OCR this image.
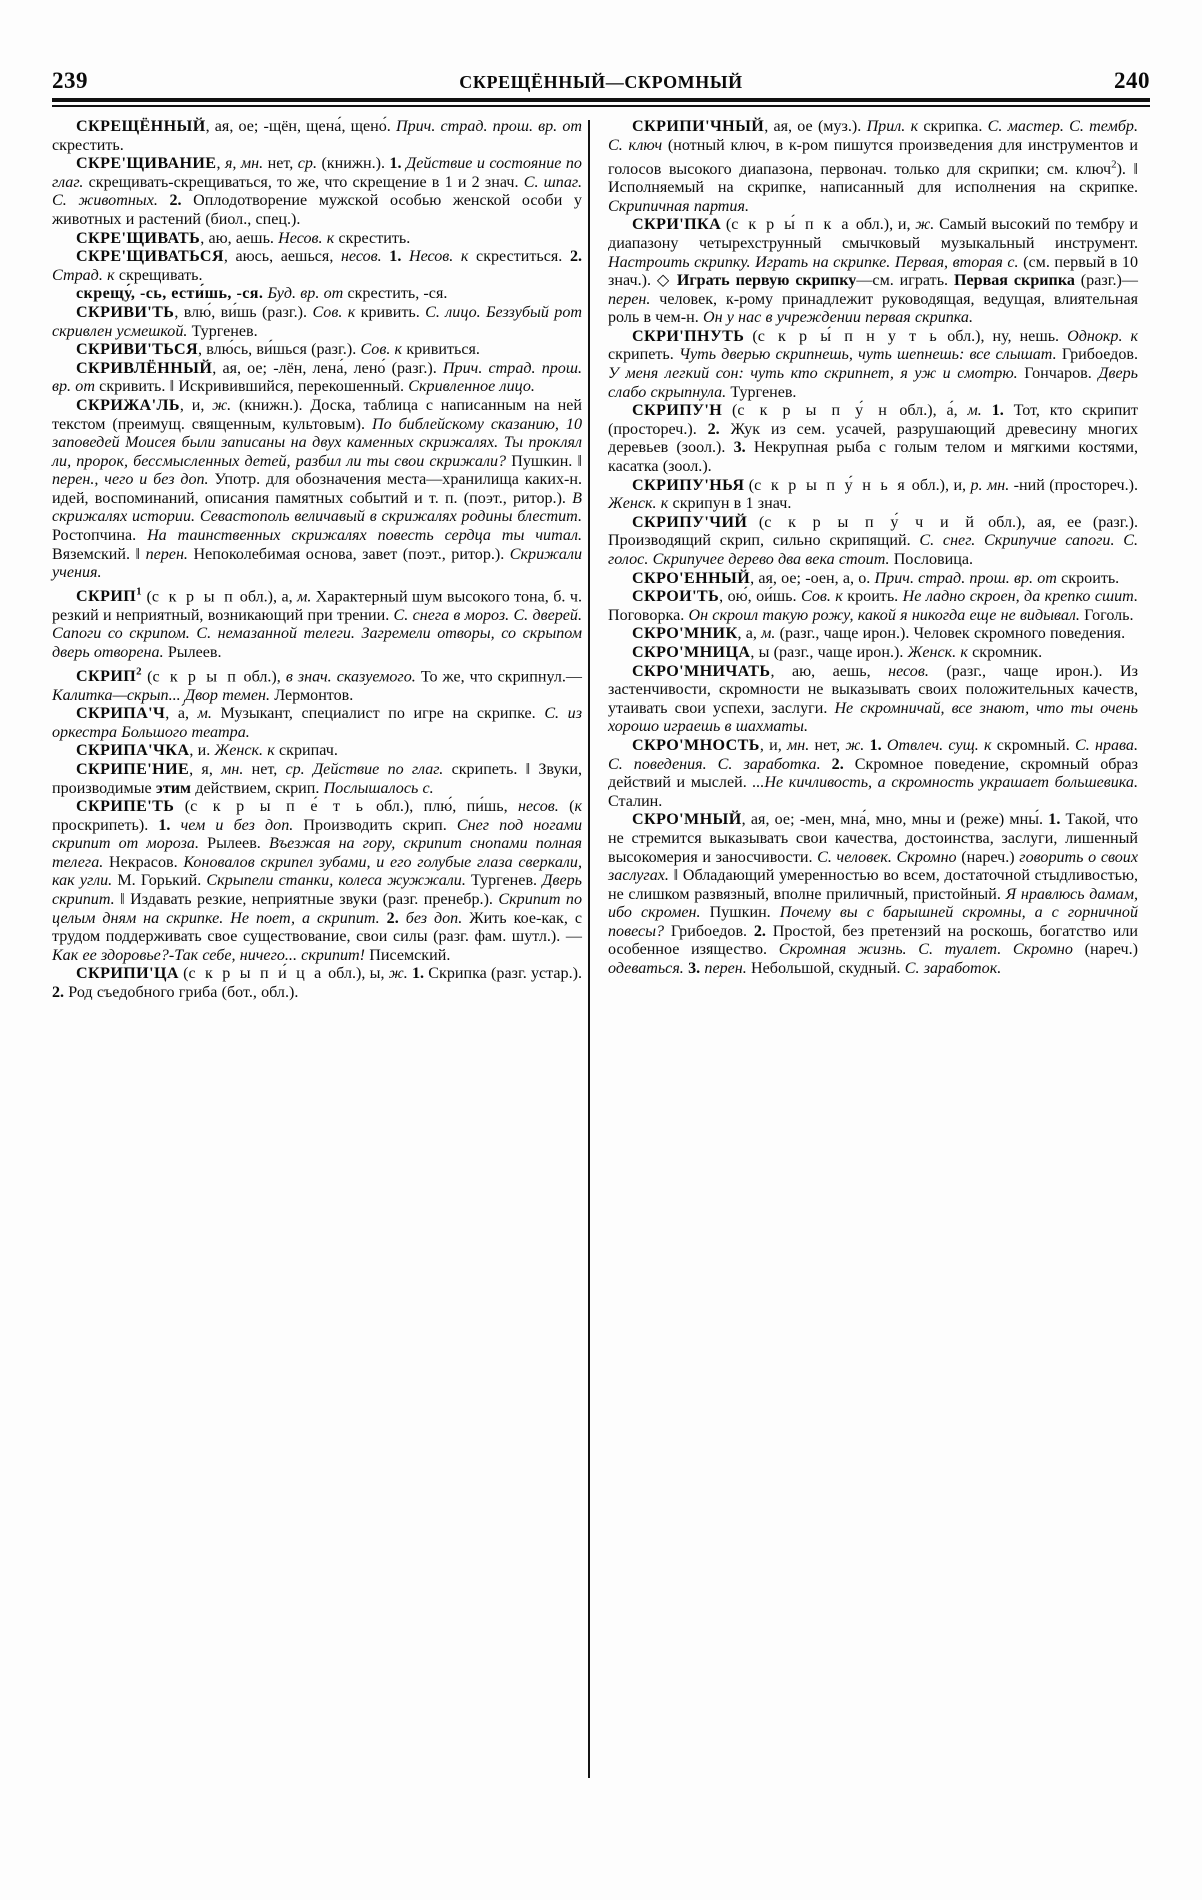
239	СКРЕЩЁННЫЙ—СКРОМНЫЙ	240

СКРЕЩЁННЫЙ, ая, ое; -щён, щена́, щено́. Прич. страд. прош. вр. от скрестить.

СКРЕ'ЩИВАНИЕ, я, мн. нет, ср. (книжн.). 1. Действие и состояние по глаг. скрещивать-скрещиваться, то же, что скрещение в 1 и 2 знач. С. шпаг. С. животных. 2. Оплодотворение мужской особью женской особи у животных и растений (биол., спец.).

СКРЕ'ЩИВАТЬ, аю, аешь. Несов. к скрестить.

СКРЕ'ЩИВАТЬСЯ, аюсь, аешься, несов. 1. Несов. к скреститься. 2. Страд. к скрещивать.

скрещу́, -сь, ести́шь, -ся. Буд. вр. от скрестить, -ся.

СКРИВИ'ТЬ, влю́, ви́шь (разг.). Сов. к кривить. С. лицо. Беззубый рот скривлен усмешкой. Тургенев.

СКРИВИ'ТЬСЯ, влю́сь, ви́шься (разг.). Сов. к кривиться.

СКРИВЛЁННЫЙ, ая, ое; -лён, лена́, лено́ (разг.). Прич. страд. прош. вр. от скривить. ‖ Искривившийся, перекошенный. Скривленное лицо.

СКРИЖА'ЛЬ, и, ж. (книжн.). Доска, таблица с написанным на ней текстом (преимущ. священным, культовым). По библейскому сказанию, 10 заповедей Моисея были записаны на двух каменных скрижалях. Ты проклял ли, пророк, бессмысленных детей, разбил ли ты свои скрижали? Пушкин. ‖ перен., чего и без доп. Употр. для обозначения места—хранилища каких-н. идей, воспоминаний, описания памятных событий и т. п. (поэт., ритор.). В скрижалях истории. Севастополь величавый в скрижалях родины блестит. Ростопчина. На таинственных скрижалях повесть сердца ты читал. Вяземский. ‖ перен. Непоколебимая основа, завет (поэт., ритор.). Скрижали учения.

СКРИП$^1$ (с к р ы п обл.), а, м. Характерный шум высокого тона, б. ч. резкий и неприятный, возникающий при трении. С. снега в мороз. С. дверей. Сапоги со скрипом. С. немазанной телеги. Загремели отворы, со скрыпом дверь отворена. Рылеев.

СКРИП$^2$ (с к р ы п обл.), в знач. сказуемого. То же, что скрипнул.—Калитка—скрып... Двор темен. Лермонтов.

СКРИПА'Ч, а́, м. Музыкант, специалист по игре на скрипке. С. из оркестра Большого театра.

СКРИПА'ЧКА, и. Женск. к скрипач.

СКРИПЕ'НИЕ, я, мн. нет, ср. Действие по глаг. скрипеть. ‖ Звуки, производимые этим действием, скрип. Послышалось с.

СКРИПЕ'ТЬ (с к р ы п е́ т ь обл.), плю́, пи́шь, несов. (к проскрипеть). 1. чем и без доп. Производить скрип. Снег под ногами скрипит от мороза. Рылеев. Въезжая на гору, скрипит снопами полная телега. Некрасов. Коновалов скрипел зубами, и его голубые глаза сверкали, как угли. М. Горький. Скрыпели станки, колеса жужжали. Тургенев. Дверь скрипит. ‖ Издавать резкие, неприятные звуки (разг. пренебр.). Скрипит по целым дням на скрипке. Не поет, а скрипит. 2. без доп. Жить кое-как, с трудом поддерживать свое существование, свои силы (разг. фам. шутл.). —Как ее здоровье?-Так себе, ничего... скрипит! Писемский.

СКРИПИ'ЦА (с к р ы п и́ ц а обл.), ы, ж. 1. Скрипка (разг. устар.). 2. Род съедобного гриба (бот., обл.).

СКРИПИ'ЧНЫЙ, ая, ое (муз.). Прил. к скрипка. С. мастер. С. тембр. С. ключ (нотный ключ, в к-ром пишутся произведения для инструментов и голосов высокого диапазона, первонач. только для скрипки; см. ключ$^2$). ‖ Исполняемый на скрипке, написанный для исполнения на скрипке. Скрипичная партия.

СКРИ'ПКА (с к р ы́ п к а обл.), и, ж. Самый высокий по тембру и диапазону четырехструнный смычковый музыкальный инструмент. Настроить скрипку. Играть на скрипке. Первая, вторая с. (см. первый в 10 знач.). ◇ Играть первую скрипку—см. играть. Первая скрипка (разг.)—перен. человек, к-рому принадлежит руководящая, ведущая, влиятельная роль в чем-н. Он у нас в учреждении первая скрипка.

СКРИ'ПНУТЬ (с к р ы́ п н у т ь обл.), ну, нешь. Однокр. к скрипеть. Чуть дверью скрипнешь, чуть шепнешь: все слышат. Грибоедов. У меня легкий сон: чуть кто скрипнет, я уж и смотрю. Гончаров. Дверь слабо скрыпнула. Тургенев.

СКРИПУ'Н (с к р ы п у́ н обл.), а́, м. 1. Тот, кто скрипит (простореч.). 2. Жук из сем. усачей, разрушающий древесину многих деревьев (зоол.). 3. Некрупная рыба с голым телом и мягкими костями, касатка (зоол.).

СКРИПУ'НЬЯ (с к р ы п у́ н ь я обл.), и, р. мн. -ний (простореч.). Женск. к скрипун в 1 знач.

СКРИПУ'ЧИЙ (с к р ы п у́ ч и й обл.), ая, ее (разг.). Производящий скрип, сильно скрипящий. С. снег. Скрипучие сапоги. С. голос. Скрипучее дерево два века стоит. Пословица.

СКРО'ЕННЫЙ, ая, ое; -оен, а, о. Прич. страд. прош. вр. от скроить.

СКРОИ'ТЬ, ою́, ои́шь. Сов. к кроить. Не ладно скроен, да крепко сшит. Поговорка. Он скроил такую рожу, какой я никогда еще не видывал. Гоголь.

СКРО'МНИК, а, м. (разг., чаще ирон.). Человек скромного поведения.

СКРО'МНИЦА, ы (разг., чаще ирон.). Женск. к скромник.

СКРО'МНИЧАТЬ, аю, аешь, несов. (разг., чаще ирон.). Из застенчивости, скромности не выказывать своих положительных качеств, утаивать свои успехи, заслуги. Не скромничай, все знают, что ты очень хорошо играешь в шахматы.

СКРО'МНОСТЬ, и, мн. нет, ж. 1. Отвлеч. сущ. к скромный. С. нрава. С. поведения. С. заработка. 2. Скромное поведение, скромный образ действий и мыслей. ...Не кичливость, а скромность украшает большевика. Сталин.

СКРО'МНЫЙ, ая, ое; -мен, мна́, мно, мны и (реже) мны́. 1. Такой, что не стремится выказывать свои качества, достоинства, заслуги, лишенный высокомерия и заносчивости. С. человек. Скромно (нареч.) говорить о своих заслугах. ‖ Обладающий умеренностью во всем, достаточной стыдливостью, не слишком развязный, вполне приличный, пристойный. Я нравлюсь дамам, ибо скромен. Пушкин. Почему вы с барышней скромны, а с горничной повесы? Грибоедов. 2. Простой, без претензий на роскошь, богатство или особенное изящество. Скромная жизнь. С. туалет. Скромно (нареч.) одеваться. 3. перен. Небольшой, скудный. С. заработок.
